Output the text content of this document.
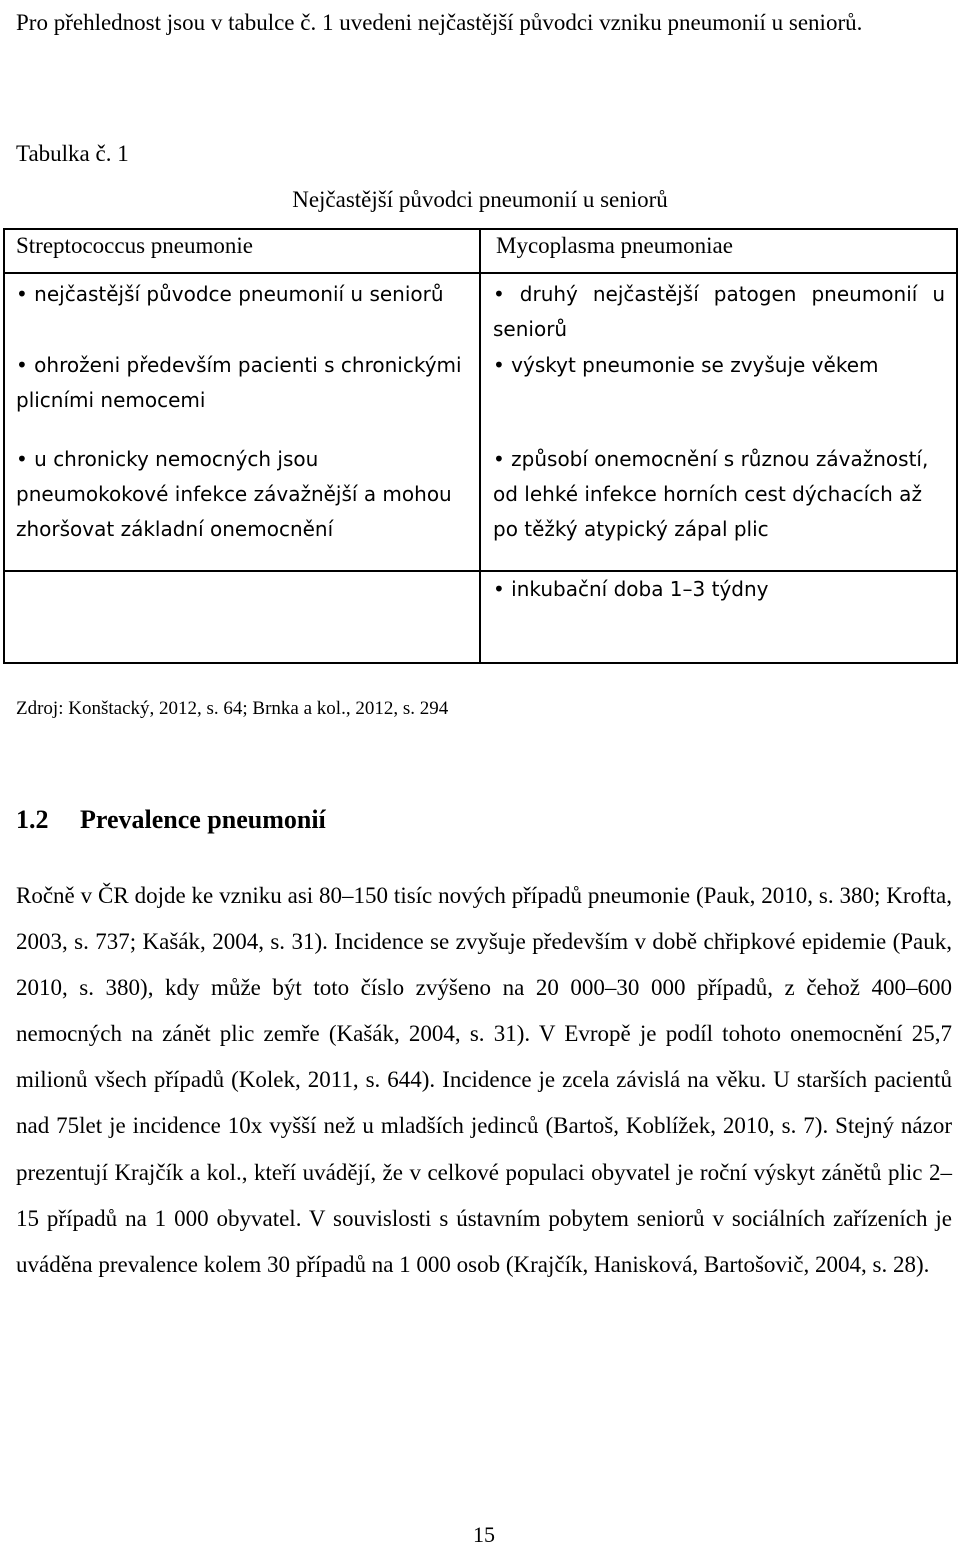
Pro přehlednost jsou v tabulce č. 1 uvedeni nejčastější původci vzniku pneumonií u seniorů.

Tabulka č. 1
Nejčastější původci pneumonií u seniorů
Streptococcus pneumonie	Mycoplasma pneumoniae
• nejčastější původce pneumonií u seniorů
• ohroženi především pacienti s chronickými plicními nemocemi
• u chronicky nemocných jsou pneumokokové infekce závažnější a mohou zhoršovat základní onemocnění
• druhý nejčastější patogen pneumonií u seniorů
• výskyt pneumonie se zvyšuje věkem
• způsobí onemocnění s různou závažností, od lehké infekce horních cest dýchacích až po těžký atypický zápal plic
• inkubační doba 1–3 týdny
Zdroj: Konštacký, 2012, s. 64; Brnka a kol., 2012, s. 294
1.2 Prevalence pneumonií

Ročně v ČR dojde ke vzniku asi 80–150 tisíc nových případů pneumonie (Pauk, 2010, s. 380; Krofta, 2003, s. 737; Kašák, 2004, s. 31). Incidence se zvyšuje především v době chřipkové epidemie (Pauk, 2010, s. 380), kdy může být toto číslo zvýšeno na 20 000–30 000 případů, z čehož 400–600 nemocných na zánět plic zemře (Kašák, 2004, s. 31). V Evropě je podíl tohoto onemocnění 25,7 milionů všech případů (Kolek, 2011, s. 644). Incidence je zcela závislá na věku. U starších pacientů nad 75let je incidence 10x vyšší než u mladších jedinců (Bartoš, Koblížek, 2010, s. 7). Stejný názor prezentují Krajčík a kol., kteří uvádějí, že v celkové populaci obyvatel je roční výskyt zánětů plic 2–15 případů na 1 000 obyvatel. V souvislosti s ústavním pobytem seniorů v sociálních zařízeních je uváděna prevalence kolem 30 případů na 1 000 osob (Krajčík, Hanisková, Bartošovič, 2004, s. 28).

15
